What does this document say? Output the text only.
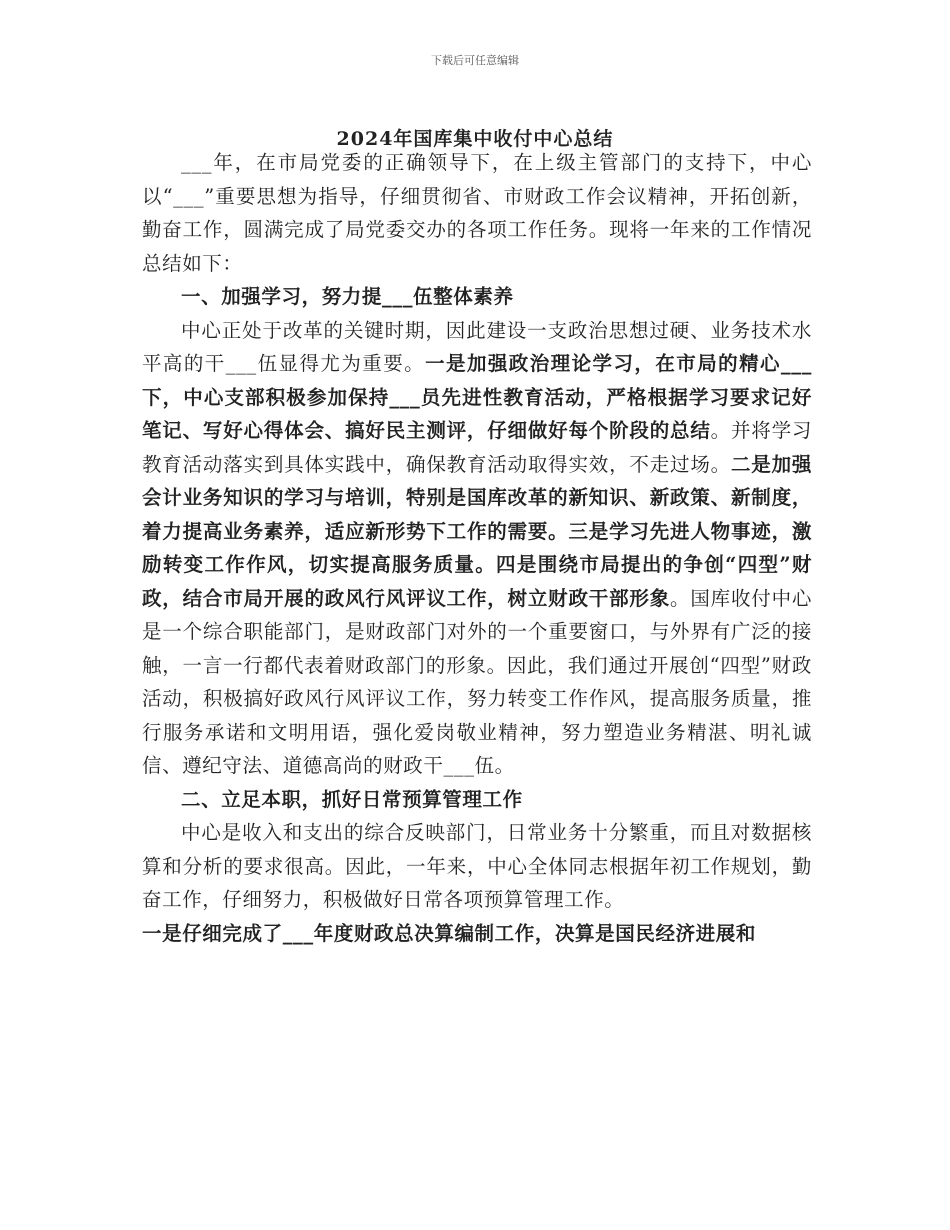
下载后可任意编辑
2024年国库集中收付中心总结

___年，在市局党委的正确领导下，在上级主管部门的支持下，中心以“___”重要思想为指导，仔细贯彻省、市财政工作会议精神，开拓创新，勤奋工作，圆满完成了局党委交办的各项工作任务。现将一年来的工作情况总结如下：

一、加强学习，努力提___伍整体素养

中心正处于改革的关键时期，因此建设一支政治思想过硬、业务技术水平高的干___伍显得尤为重要。一是加强政治理论学习，在市局的精心___下，中心支部积极参加保持___员先进性教育活动，严格根据学习要求记好笔记、写好心得体会、搞好民主测评，仔细做好每个阶段的总结。并将学习教育活动落实到具体实践中，确保教育活动取得实效，不走过场。二是加强会计业务知识的学习与培训，特别是国库改革的新知识、新政策、新制度，着力提高业务素养，适应新形势下工作的需要。三是学习先进人物事迹，激励转变工作作风，切实提高服务质量。四是围绕市局提出的争创“四型”财政，结合市局开展的政风行风评议工作，树立财政干部形象。国库收付中心是一个综合职能部门，是财政部门对外的一个重要窗口，与外界有广泛的接触，一言一行都代表着财政部门的形象。因此，我们通过开展创“四型”财政活动，积极搞好政风行风评议工作，努力转变工作作风，提高服务质量，推行服务承诺和文明用语，强化爱岗敬业精神，努力塑造业务精湛、明礼诚信、遵纪守法、道德高尚的财政干___伍。

二、立足本职，抓好日常预算管理工作

中心是收入和支出的综合反映部门，日常业务十分繁重，而且对数据核算和分析的要求很高。因此，一年来，中心全体同志根据年初工作规划，勤奋工作，仔细努力，积极做好日常各项预算管理工作。

一是仔细完成了___年度财政总决算编制工作，决算是国民经济进展和
